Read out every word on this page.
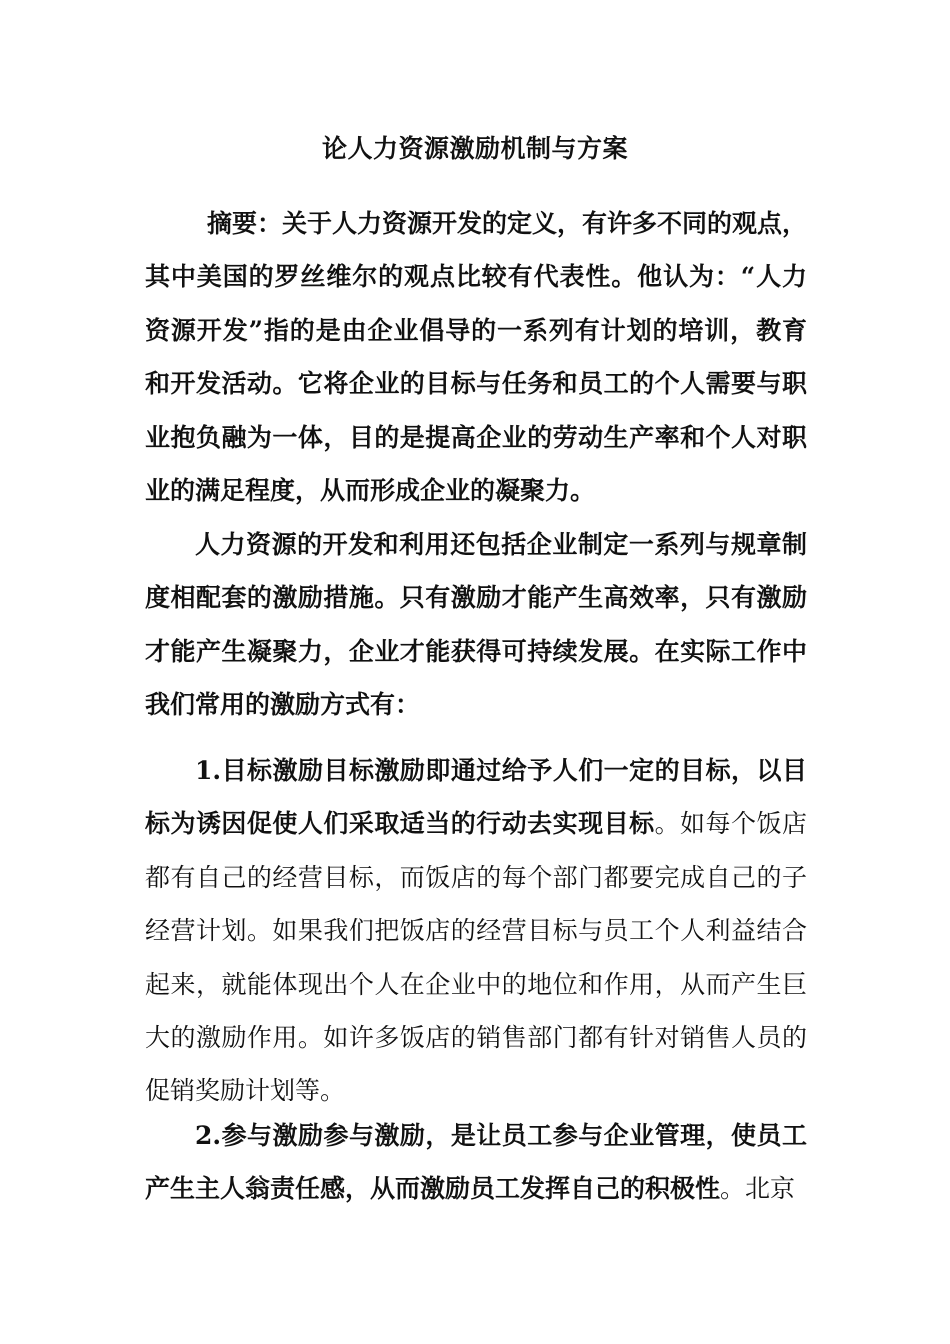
论人力资源激励机制与方案

摘要：关于人力资源开发的定义，有许多不同的观点，其中美国的罗丝维尔的观点比较有代表性。他认为：“人力资源开发”指的是由企业倡导的一系列有计划的培训，教育和开发活动。它将企业的目标与任务和员工的个人需要与职业抱负融为一体，目的是提高企业的劳动生产率和个人对职业的满足程度，从而形成企业的凝聚力。

人力资源的开发和利用还包括企业制定一系列与规章制度相配套的激励措施。只有激励才能产生高效率，只有激励才能产生凝聚力，企业才能获得可持续发展。在实际工作中我们常用的激励方式有：

1.目标激励目标激励即通过给予人们一定的目标，以目标为诱因促使人们采取适当的行动去实现目标。如每个饭店都有自己的经营目标，而饭店的每个部门都要完成自己的子经营计划。如果我们把饭店的经营目标与员工个人利益结合起来，就能体现出个人在企业中的地位和作用，从而产生巨大的激励作用。如许多饭店的销售部门都有针对销售人员的促销奖励计划等。

2.参与激励参与激励，是让员工参与企业管理，使员工产生主人翁责任感，从而激励员工发挥自己的积极性。北京
